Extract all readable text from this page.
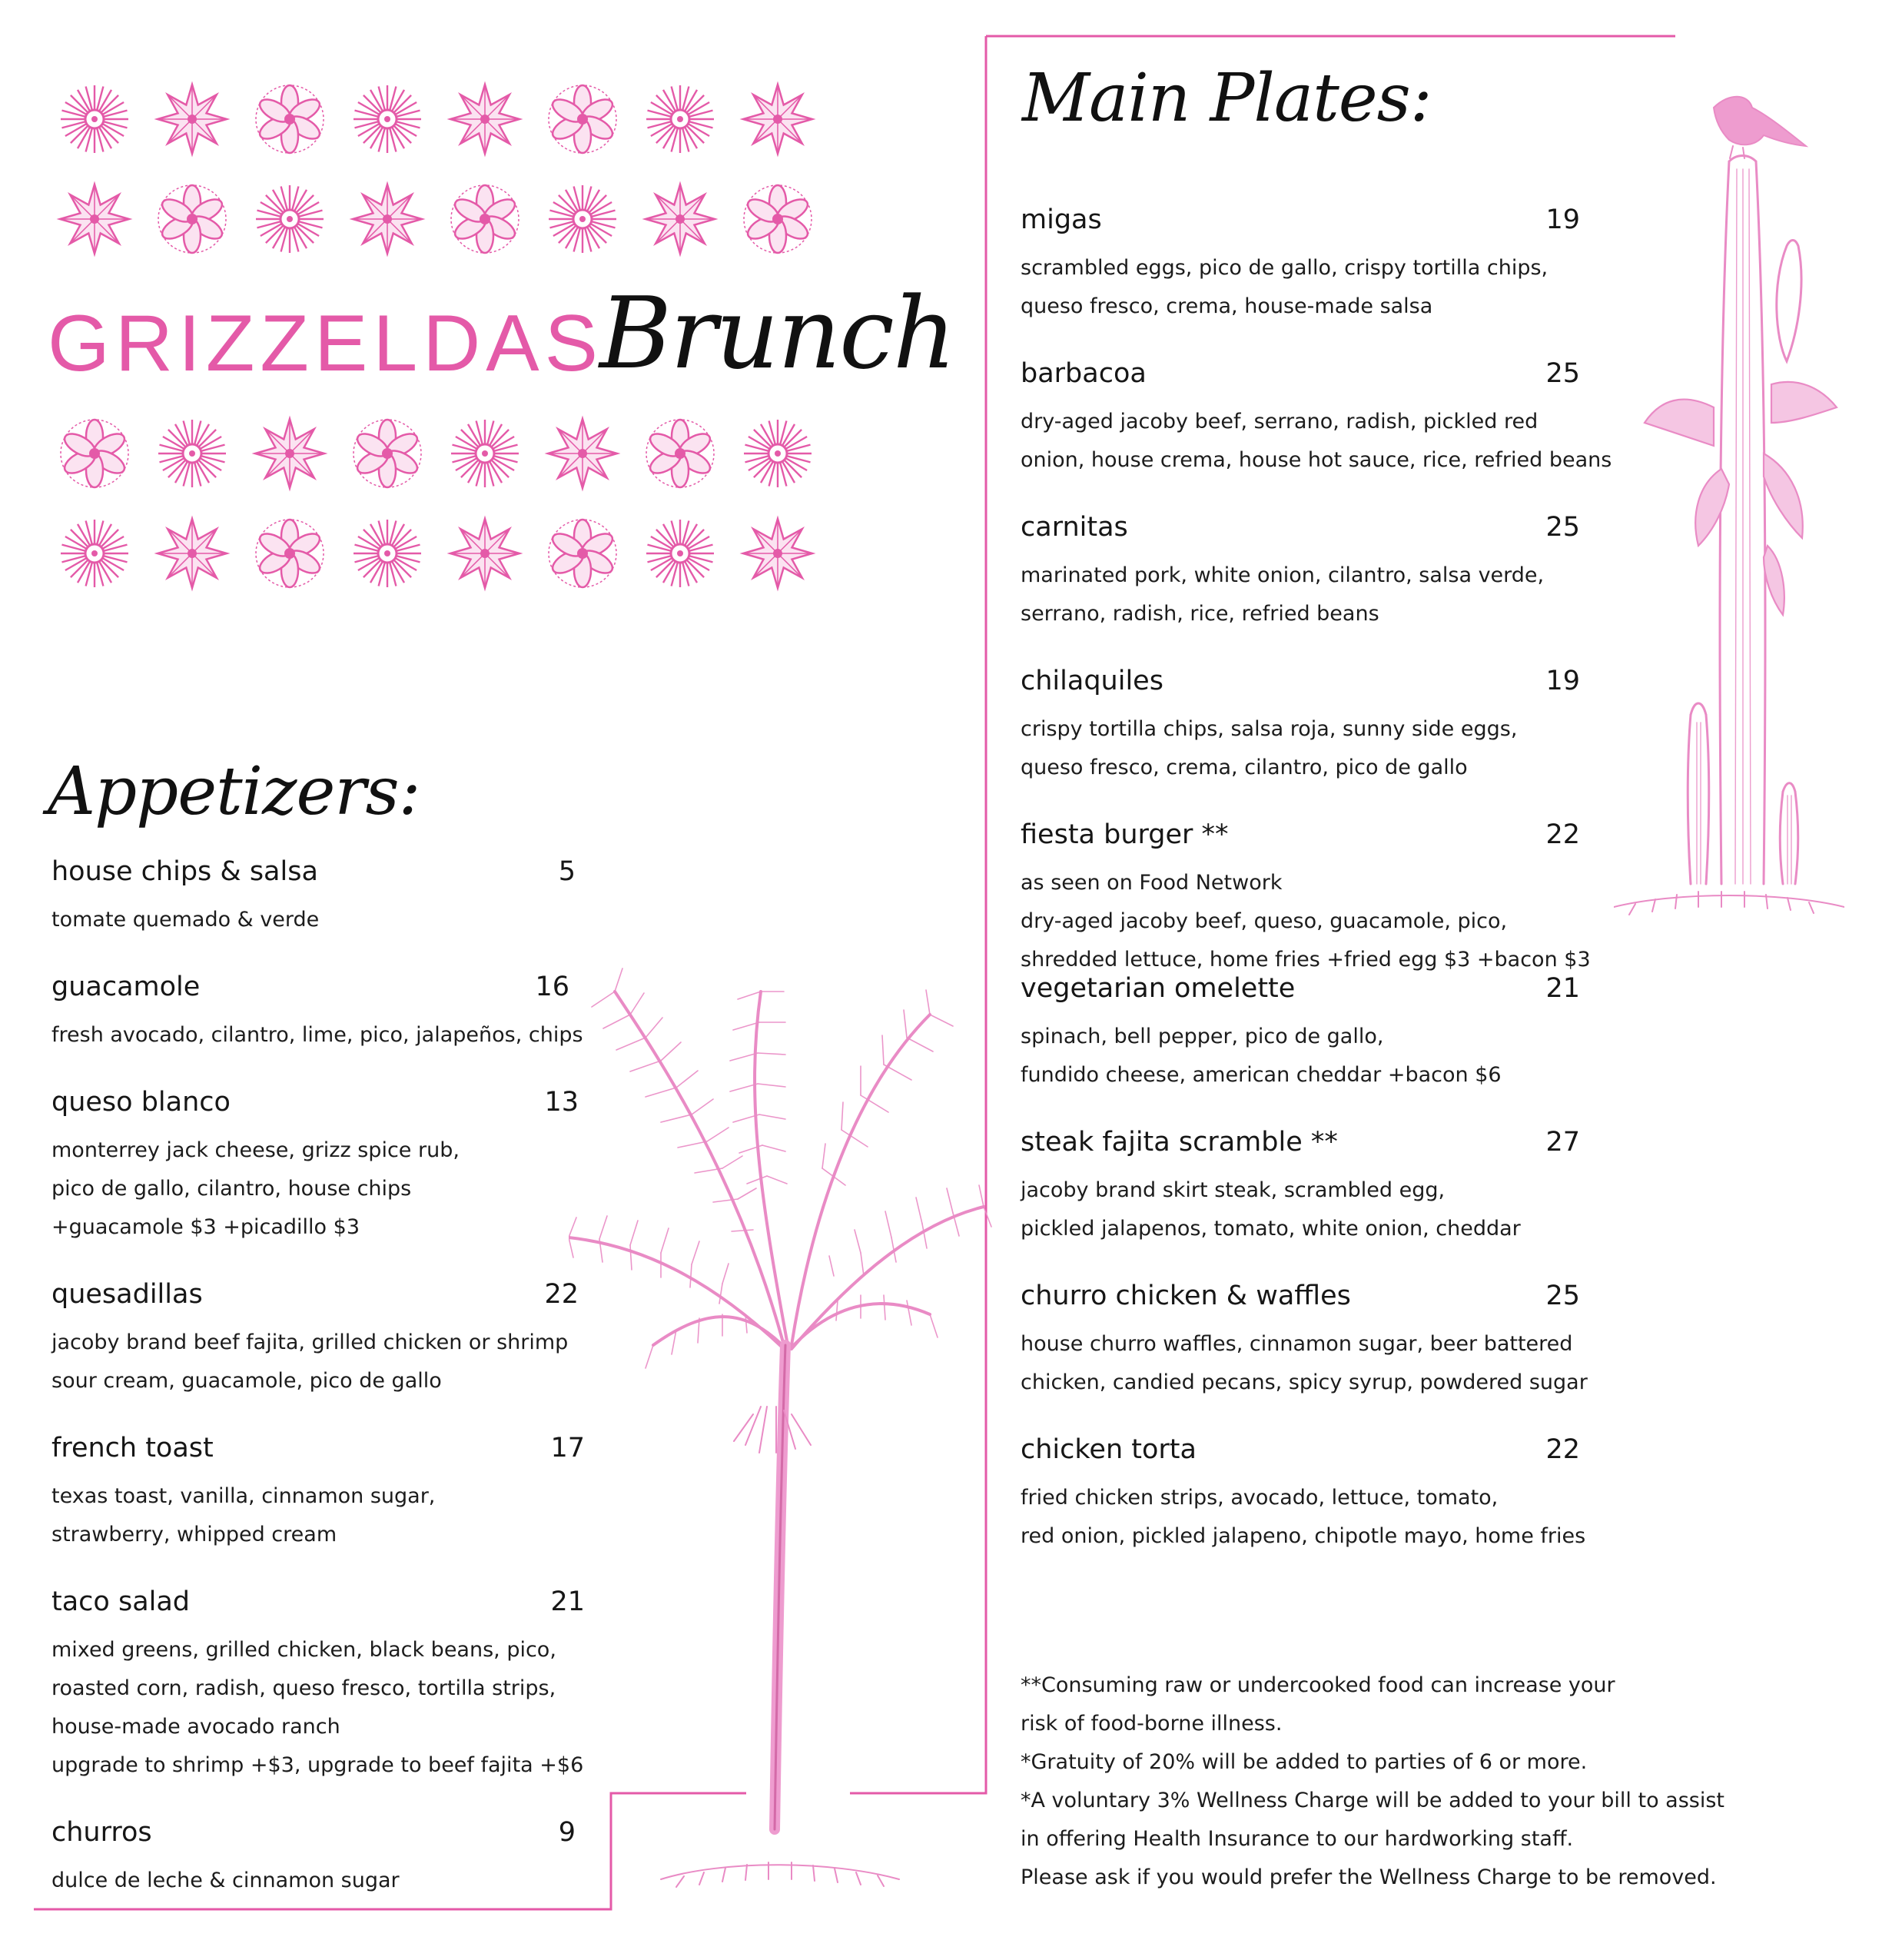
GRIZZELDAS
Brunch
Appetizers:
Main Plates:
house chips & salsa	5
tomate quemado & verde
guacamole	16
fresh avocado, cilantro, lime, pico, jalapeños, chips
queso blanco	13
monterrey jack cheese, grizz spice rub,
pico de gallo, cilantro, house chips
+guacamole $3 +picadillo $3
quesadillas	22
jacoby brand beef fajita, grilled chicken or shrimp
sour cream, guacamole, pico de gallo
french toast	17
texas toast, vanilla, cinnamon sugar,
strawberry, whipped cream
taco salad	21
mixed greens, grilled chicken, black beans, pico,
roasted corn, radish, queso fresco, tortilla strips,
house-made avocado ranch
upgrade to shrimp +$3, upgrade to beef fajita +$6
churros	9
dulce de leche & cinnamon sugar
migas	19
scrambled eggs, pico de gallo, crispy tortilla chips,
queso fresco, crema, house-made salsa
barbacoa	25
dry-aged jacoby beef, serrano, radish, pickled red
onion, house crema, house hot sauce, rice, refried beans
carnitas	25
marinated pork, white onion, cilantro, salsa verde,
serrano, radish, rice, refried beans
chilaquiles	19
crispy tortilla chips, salsa roja, sunny side eggs,
queso fresco, crema, cilantro, pico de gallo
fiesta burger **	22
as seen on Food Network
dry-aged jacoby beef, queso, guacamole, pico,
shredded lettuce, home fries +fried egg $3 +bacon $3
vegetarian omelette	21
spinach, bell pepper, pico de gallo,
fundido cheese, american cheddar +bacon $6
steak fajita scramble **	27
jacoby brand skirt steak, scrambled egg,
pickled jalapenos, tomato, white onion, cheddar
churro chicken & waffles	25
house churro waffles, cinnamon sugar, beer battered
chicken, candied pecans, spicy syrup, powdered sugar
chicken torta	22
fried chicken strips, avocado, lettuce, tomato,
red onion, pickled jalapeno, chipotle mayo, home fries
**Consuming raw or undercooked food can increase your
risk of food-borne illness.
*Gratuity of 20% will be added to parties of 6 or more.
*A voluntary 3% Wellness Charge will be added to your bill to assist
in offering Health Insurance to our hardworking staff.
Please ask if you would prefer the Wellness Charge to be removed.
